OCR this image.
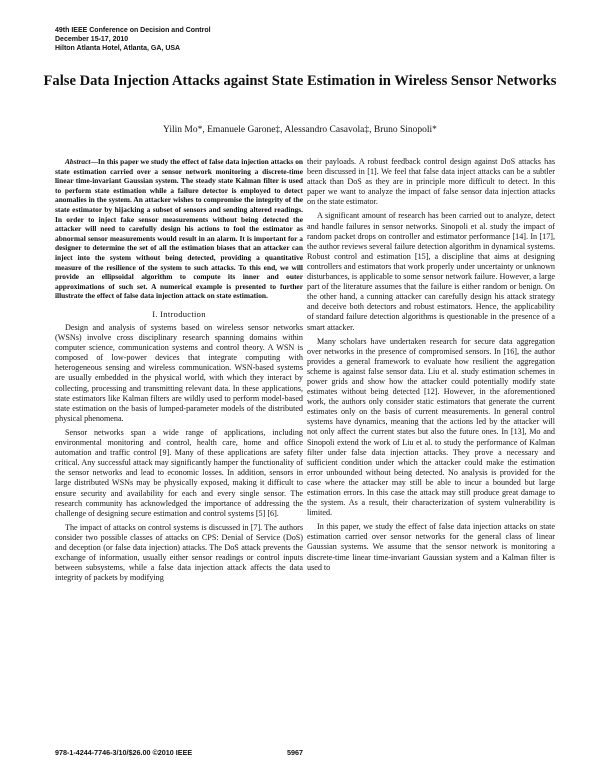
49th IEEE Conference on Decision and Control
December 15-17, 2010
Hilton Atlanta Hotel, Atlanta, GA, USA
False Data Injection Attacks against State Estimation in Wireless Sensor Networks
Yilin Mo*, Emanuele Garone‡, Alessandro Casavola‡, Bruno Sinopoli*
Abstract—In this paper we study the effect of false data injection attacks on state estimation carried over a sensor network monitoring a discrete-time linear time-invariant Gaussian system. The steady state Kalman filter is used to perform state estimation while a failure detector is employed to detect anomalies in the system. An attacker wishes to compromise the integrity of the state estimator by hijacking a subset of sensors and sending altered readings. In order to inject fake sensor measurements without being detected the attacker will need to carefully design his actions to fool the estimator as abnormal sensor measurements would result in an alarm. It is important for a designer to determine the set of all the estimation biases that an attacker can inject into the system without being detected, providing a quantitative measure of the resilience of the system to such attacks. To this end, we will provide an ellipsoidal algorithm to compute its inner and outer approximations of such set. A numerical example is presented to further illustrate the effect of false data injection attack on state estimation.
I. Introduction

Design and analysis of systems based on wireless sensor networks (WSNs) involve cross disciplinary research spanning domains within computer science, communication systems and control theory. A WSN is composed of low-power devices that integrate computing with heterogeneous sensing and wireless communication. WSN-based systems are usually embedded in the physical world, with which they interact by collecting, processing and transmitting relevant data. In these applications, state estimators like Kalman filters are wildly used to perform model-based state estimation on the basis of lumped-parameter models of the distributed physical phenomena.

Sensor networks span a wide range of applications, including environmental monitoring and control, health care, home and office automation and traffic control [9]. Many of these applications are safety critical. Any successful attack may significantly hamper the functionality of the sensor networks and lead to economic losses. In addition, sensors in large distributed WSNs may be physically exposed, making it difficult to ensure security and availability for each and every single sensor. The research community has acknowledged the importance of addressing the challenge of designing secure estimation and control systems [5] [6].

The impact of attacks on control systems is discussed in [7]. The authors consider two possible classes of attacks on CPS: Denial of Service (DoS) and deception (or false data injection) attacks. The DoS attack prevents the exchange of information, usually either sensor readings or control inputs between subsystems, while a false data injection attack affects the data integrity of packets by modifying

their payloads. A robust feedback control design against DoS attacks has been discussed in [1]. We feel that false data inject attacks can be a subtler attack than DoS as they are in principle more difficult to detect. In this paper we want to analyze the impact of false sensor data injection attacks on the state estimator.

A significant amount of research has been carried out to analyze, detect and handle failures in sensor networks. Sinopoli et al. study the impact of random packet drops on controller and estimator performance [14]. In [17], the author reviews several failure detection algorithm in dynamical systems. Robust control and estimation [15], a discipline that aims at designing controllers and estimators that work properly under uncertainty or unknown disturbances, is applicable to some sensor network failure. However, a large part of the literature assumes that the failure is either random or benign. On the other hand, a cunning attacker can carefully design his attack strategy and deceive both detectors and robust estimators. Hence, the applicability of standard failure detection algorithms is questionable in the presence of a smart attacker.

Many scholars have undertaken research for secure data aggregation over networks in the presence of compromised sensors. In [16], the author provides a general framework to evaluate how resilient the aggregation scheme is against false sensor data. Liu et al. study estimation schemes in power grids and show how the attacker could potentially modify state estimates without being detected [12]. However, in the aforementioned work, the authors only consider static estimators that generate the current estimates only on the basis of current measurements. In general control systems have dynamics, meaning that the actions led by the attacker will not only affect the current states but also the future ones. In [13], Mo and Sinopoli extend the work of Liu et al. to study the performance of Kalman filter under false data injection attacks. They prove a necessary and sufficient condition under which the attacker could make the estimation error unbounded without being detected. No analysis is provided for the case where the attacker may still be able to incur a bounded but large estimation errors. In this case the attack may still produce great damage to the system. As a result, their characterization of system vulnerability is limited.

In this paper, we study the effect of false data injection attacks on state estimation carried over sensor networks for the general class of linear Gaussian systems. We assume that the sensor network is monitoring a discrete-time linear time-invariant Gaussian system and a Kalman filter is used to

978-1-4244-7746-3/10/$26.00 ©2010 IEEE	5967
